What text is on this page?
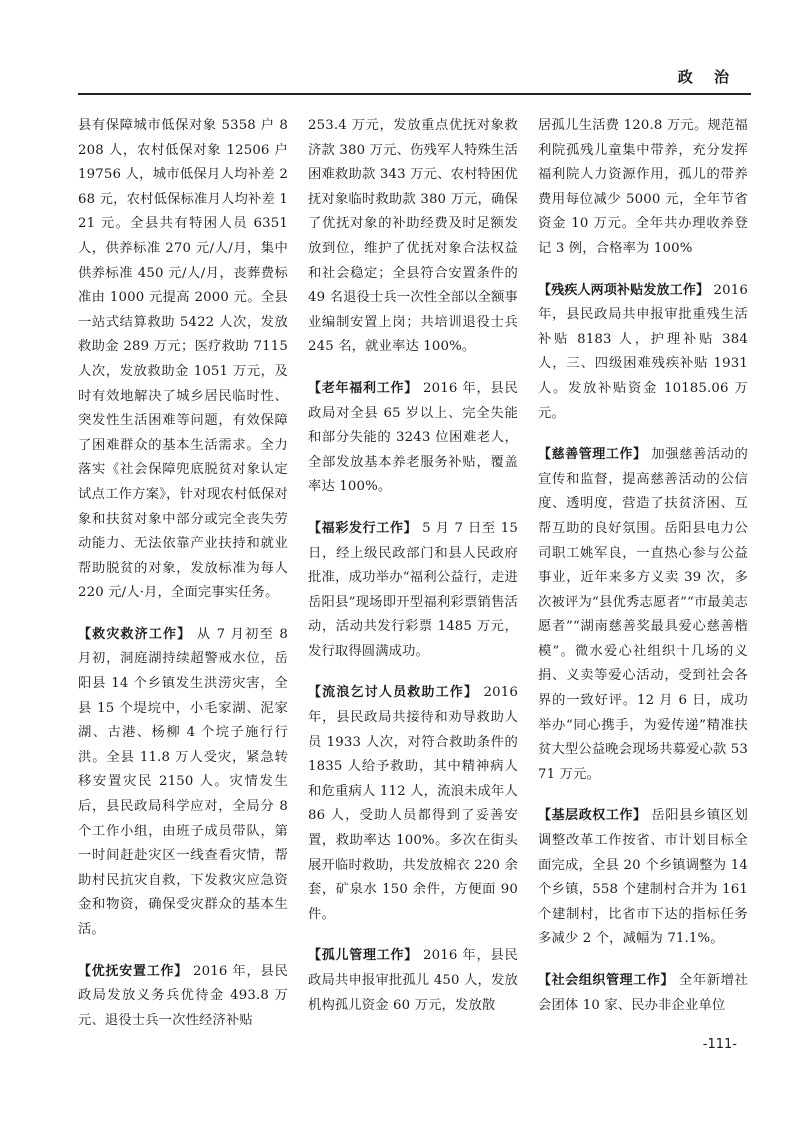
政 治

县有保障城市低保对象 5358 户 8208 人，农村低保对象 12506 户 19756 人，城市低保月人均补差 268 元，农村低保标准月人均补差 121 元。全县共有特困人员 6351 人，供养标准 270 元/人/月，集中供养标准 450 元/人/月，丧葬费标准由 1000 元提高 2000 元。全县一站式结算救助 5422 人次，发放救助金 289 万元；医疗救助 7115 人次，发放救助金 1051 万元，及时有效地解决了城乡居民临时性、突发性生活困难等问题，有效保障了困难群众的基本生活需求。全力落实《社会保障兜底脱贫对象认定试点工作方案》，针对现农村低保对象和扶贫对象中部分或完全丧失劳动能力、无法依靠产业扶持和就业帮助脱贫的对象，发放标准为每人 220 元/人·月，全面完事实任务。

【救灾救济工作】 从 7 月初至 8 月初，洞庭湖持续超警戒水位，岳阳县 14 个乡镇发生洪涝灾害，全县 15 个堤垸中，小毛家湖、泥家湖、古港、杨柳 4 个垸子施行行洪。全县 11.8 万人受灾，紧急转移安置灾民 2150 人。灾情发生后，县民政局科学应对，全局分 8 个工作小组，由班子成员带队，第一时间赶赴灾区一线查看灾情，帮助村民抗灾自救，下发救灾应急资金和物资，确保受灾群众的基本生活。

【优抚安置工作】 2016 年，县民政局发放义务兵优待金 493.8 万元、退役士兵一次性经济补贴

253.4 万元，发放重点优抚对象救济款 380 万元、伤残军人特殊生活困难救助款 343 万元、农村特困优抚对象临时救助款 380 万元，确保了优抚对象的补助经费及时足额发放到位，维护了优抚对象合法权益和社会稳定；全县符合安置条件的 49 名退役士兵一次性全部以全额事业编制安置上岗；共培训退役士兵 245 名，就业率达 100%。

【老年福利工作】 2016 年，县民政局对全县 65 岁以上、完全失能和部分失能的 3243 位困难老人，全部发放基本养老服务补贴，覆盖率达 100%。

【福彩发行工作】 5 月 7 日至 15 日，经上级民政部门和县人民政府批准，成功举办“福利公益行，走进岳阳县”现场即开型福利彩票销售活动，活动共发行彩票 1485 万元，发行取得圆满成功。

【流浪乞讨人员救助工作】 2016 年，县民政局共接待和劝导救助人员 1933 人次，对符合救助条件的 1835 人给予救助，其中精神病人和危重病人 112 人，流浪未成年人 86 人，受助人员都得到了妥善安置，救助率达 100%。多次在街头展开临时救助，共发放棉衣 220 余套，矿泉水 150 余件，方便面 90 件。

【孤儿管理工作】 2016 年，县民政局共申报审批孤儿 450 人，发放机构孤儿资金 60 万元，发放散

居孤儿生活费 120.8 万元。规范福利院孤残儿童集中带养，充分发挥福利院人力资源作用，孤儿的带养费用每位减少 5000 元，全年节省资金 10 万元。全年共办理收养登记 3 例，合格率为 100%

【残疾人两项补贴发放工作】 2016 年，县民政局共申报审批重残生活补贴 8183 人，护理补贴 384 人，三、四级困难残疾补贴 1931 人。发放补贴资金 10185.06 万元。

【慈善管理工作】 加强慈善活动的宣传和监督，提高慈善活动的公信度、透明度，营造了扶贫济困、互帮互助的良好氛围。岳阳县电力公司职工姚军良，一直热心参与公益事业，近年来多方义卖 39 次，多次被评为“县优秀志愿者”“市最美志愿者”“湖南慈善奖最具爱心慈善楷模”。微水爱心社组织十几场的义捐、义卖等爱心活动，受到社会各界的一致好评。12 月 6 日，成功举办“同心携手，为爱传递”精准扶贫大型公益晚会现场共募爱心款 5371 万元。

【基层政权工作】 岳阳县乡镇区划调整改革工作按省、市计划目标全面完成，全县 20 个乡镇调整为 14 个乡镇，558 个建制村合并为 161 个建制村，比省市下达的指标任务多减少 2 个，减幅为 71.1%。

【社会组织管理工作】 全年新增社会团体 10 家、民办非企业单位

-111-
